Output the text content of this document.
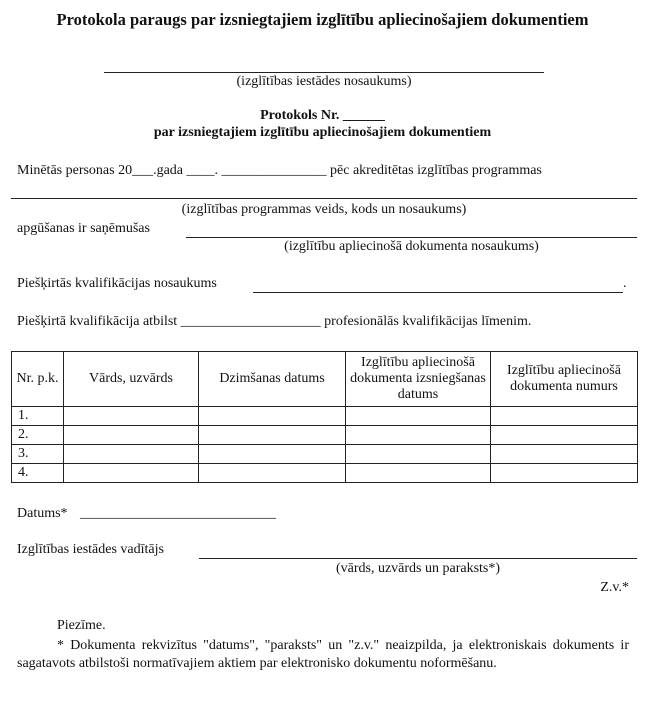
Protokola paraugs par izsniegtajiem izglītību apliecinošajiem dokumentiem
(izglītības iestādes nosaukums)
Protokols Nr. ______
par izsniegtajiem izglītību apliecinošajiem dokumentiem
Minētās personas 20___.gada ____. _______________ pēc akreditētas izglītības programmas
(izglītības programmas veids, kods un nosaukums)
apgūšanas ir saņēmušas
(izglītību apliecinošā dokumenta nosaukums)
Piešķirtās kvalifikācijas nosaukums	.
Piešķirtā kvalifikācija atbilst ____________________ profesionālās kvalifikācijas līmenim.
Nr. p.k.	Vārds, uzvārds	Dzimšanas datums	Izglītību apliecinošā dokumenta izsniegšanas datums	Izglītību apliecinošā dokumenta numurs
1.				
2.				
3.				
4.				
Datums* ____________________________
Izglītības iestādes vadītājs
(vārds, uzvārds un paraksts*)
Z.v.*
Piezīme.
* Dokumenta rekvizītus "datums", "paraksts" un "z.v." neaizpilda, ja elektroniskais dokuments ir sagatavots atbilstoši normatīvajiem aktiem par elektronisko dokumentu noformēšanu.
